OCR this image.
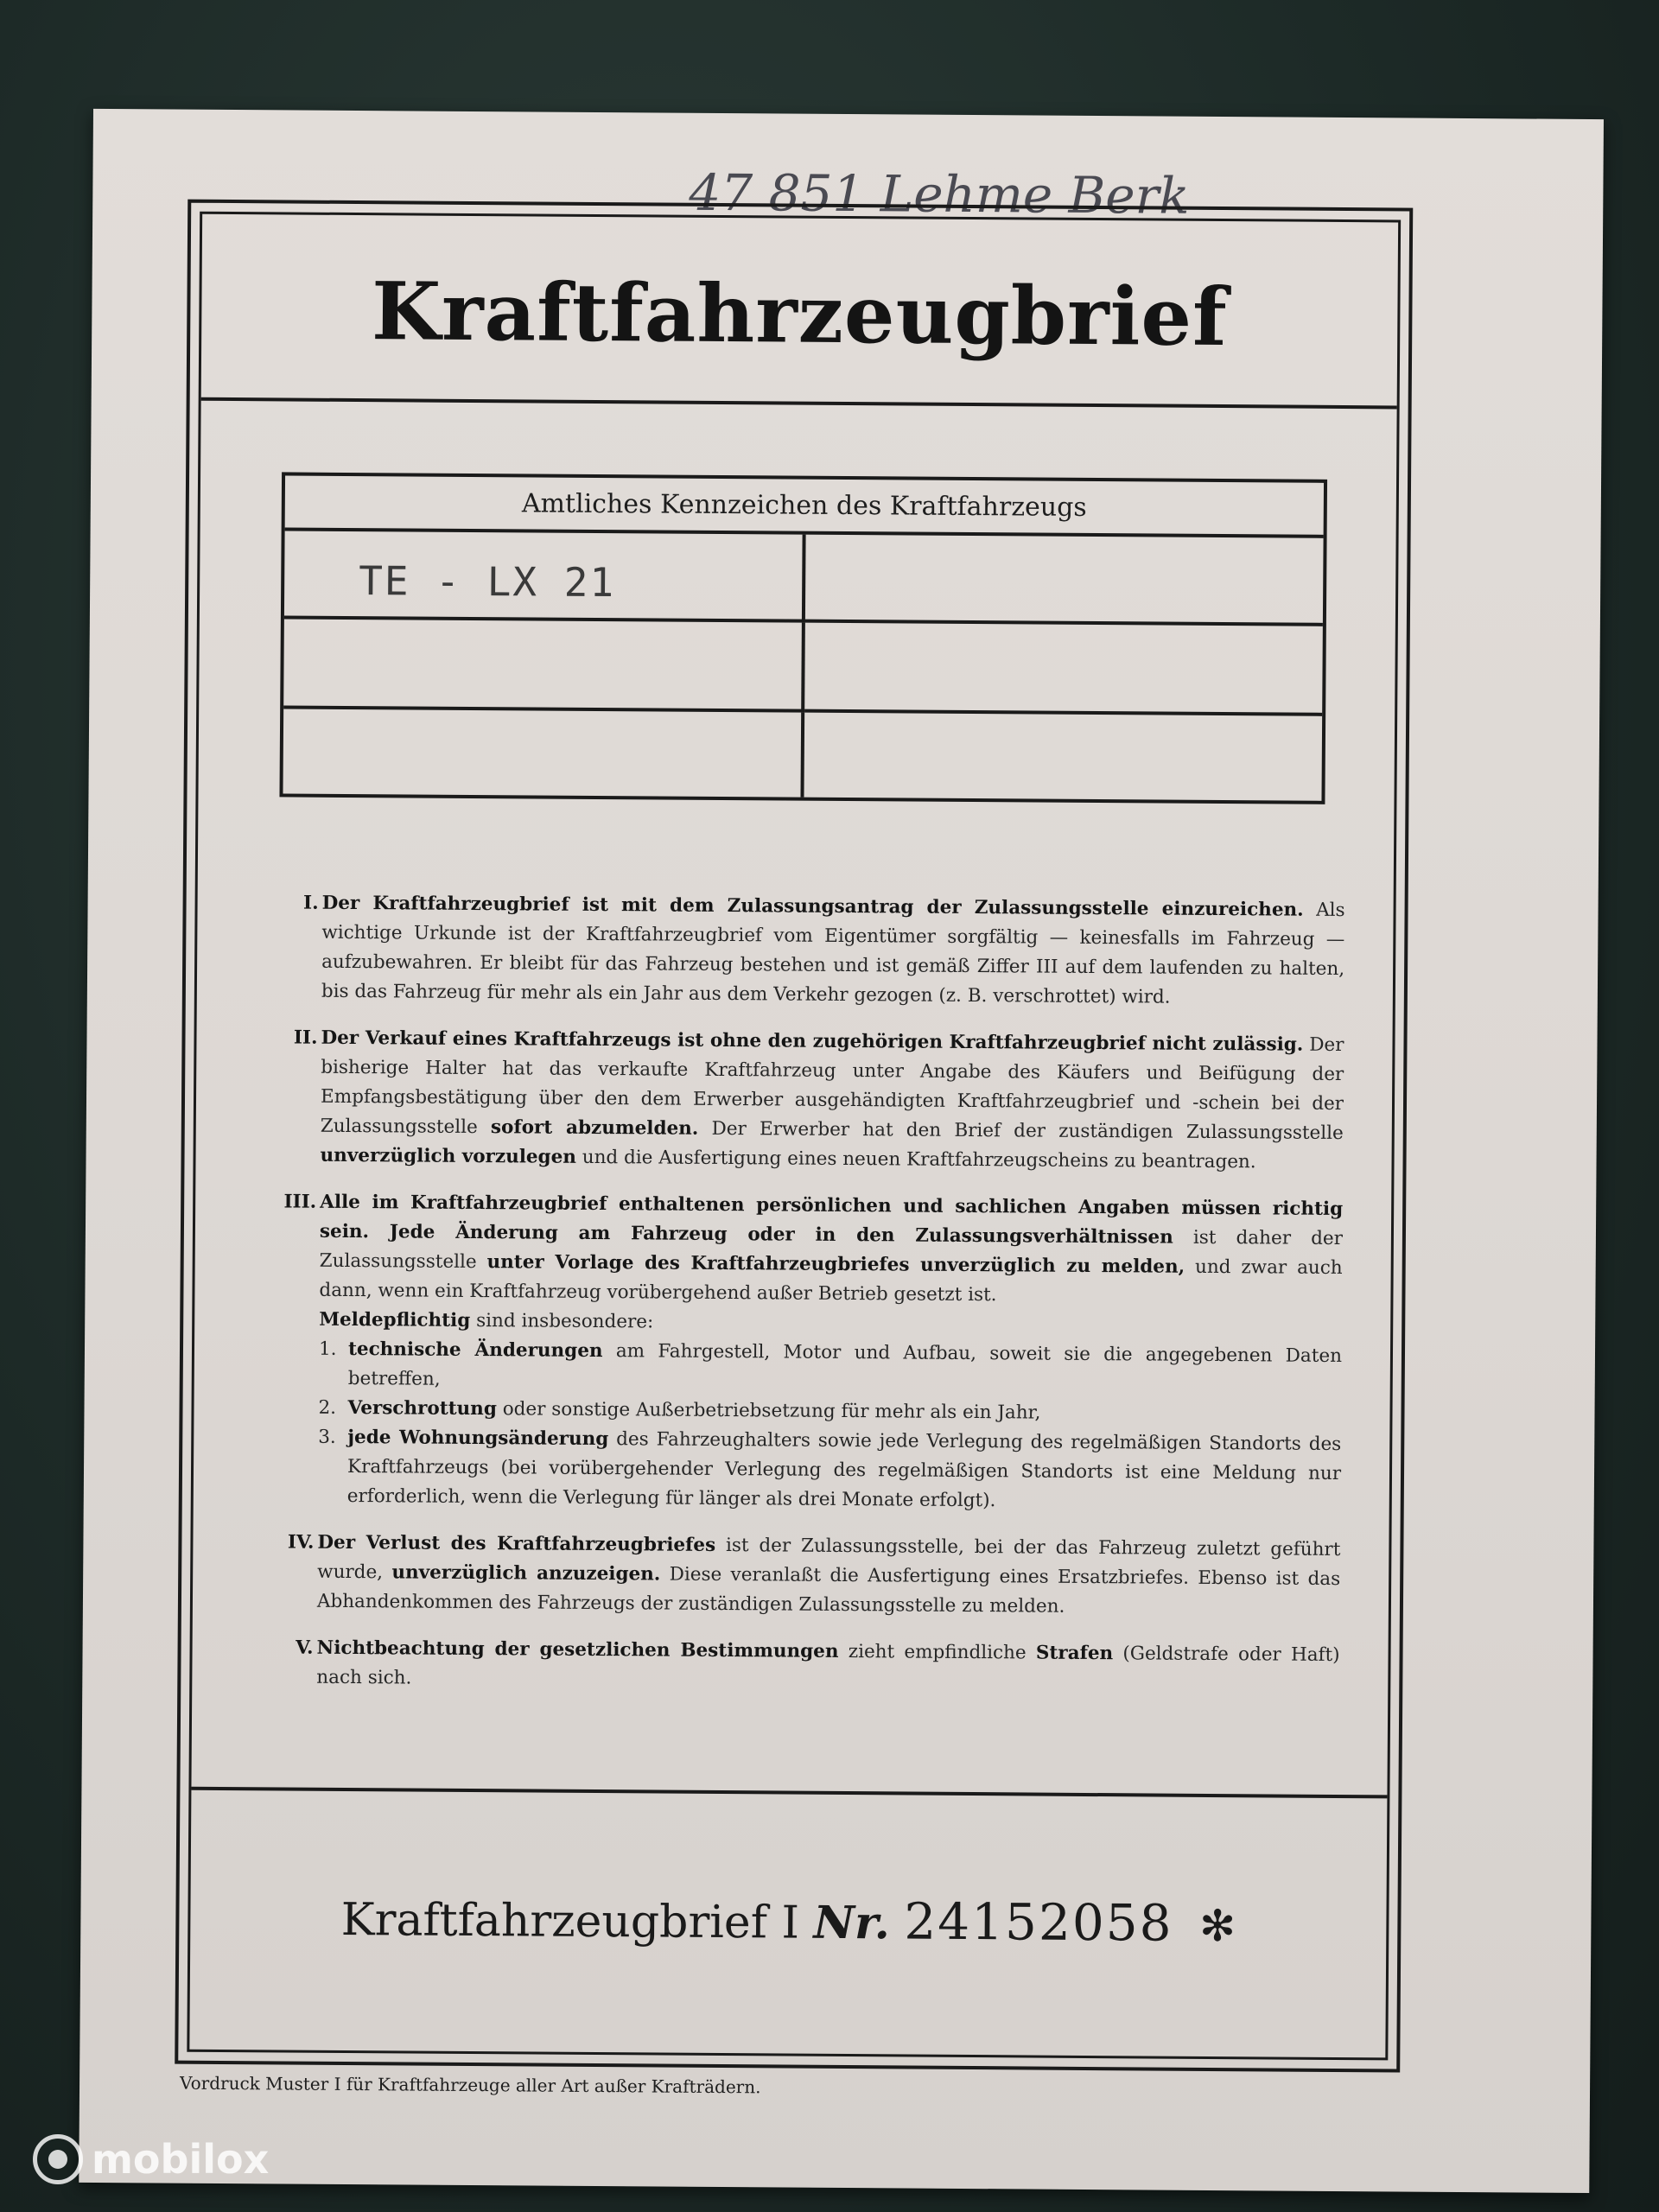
47 851 Lehme Berk
Kraftfahrzeugbrief
Amtliches Kennzeichen des Kraftfahrzeugs
TE - LX 21
I. Der Kraftfahrzeugbrief ist mit dem Zulassungsantrag der Zulassungsstelle einzureichen. Als wichtige Urkunde ist der Kraftfahrzeugbrief vom Eigentümer sorgfältig — keinesfalls im Fahrzeug — aufzubewahren. Er bleibt für das Fahrzeug bestehen und ist gemäß Ziffer III auf dem laufenden zu halten, bis das Fahrzeug für mehr als ein Jahr aus dem Verkehr gezogen (z. B. verschrottet) wird.

II. Der Verkauf eines Kraftfahrzeugs ist ohne den zugehörigen Kraftfahrzeugbrief nicht zulässig. Der bisherige Halter hat das verkaufte Kraftfahrzeug unter Angabe des Käufers und Beifügung der Empfangsbestätigung über den dem Erwerber ausgehändigten Kraftfahrzeugbrief und -schein bei der Zulassungsstelle sofort abzumelden. Der Erwerber hat den Brief der zuständigen Zulassungsstelle unverzüglich vorzulegen und die Ausfertigung eines neuen Kraftfahrzeugscheins zu beantragen.

III. Alle im Kraftfahrzeugbrief enthaltenen persönlichen und sachlichen Angaben müssen richtig sein. Jede Änderung am Fahrzeug oder in den Zulassungsverhältnissen ist daher der Zulassungsstelle unter Vorlage des Kraftfahrzeugbriefes unverzüglich zu melden, und zwar auch dann, wenn ein Kraftfahrzeug vorübergehend außer Betrieb gesetzt ist.

Meldepflichtig sind insbesondere:

1. technische Änderungen am Fahrgestell, Motor und Aufbau, soweit sie die angegebenen Daten betreffen,
2. Verschrottung oder sonstige Außerbetriebsetzung für mehr als ein Jahr,
3. jede Wohnungsänderung des Fahrzeughalters sowie jede Verlegung des regelmäßigen Standorts des Kraftfahrzeugs (bei vorübergehender Verlegung des regelmäßigen Standorts ist eine Meldung nur erforderlich, wenn die Verlegung für länger als drei Monate erfolgt).
IV. Der Verlust des Kraftfahrzeugbriefes ist der Zulassungsstelle, bei der das Fahrzeug zuletzt geführt wurde, unverzüglich anzuzeigen. Diese veranlaßt die Ausfertigung eines Ersatzbriefes. Ebenso ist das Abhandenkommen des Fahrzeugs der zuständigen Zulassungsstelle zu melden.

V. Nichtbeachtung der gesetzlichen Bestimmungen zieht empfindliche Strafen (Geldstrafe oder Haft) nach sich.

Kraftfahrzeugbrief I Nr. 24152058 ✻
Vordruck Muster I für Kraftfahrzeuge aller Art außer Krafträdern.
mobilox
